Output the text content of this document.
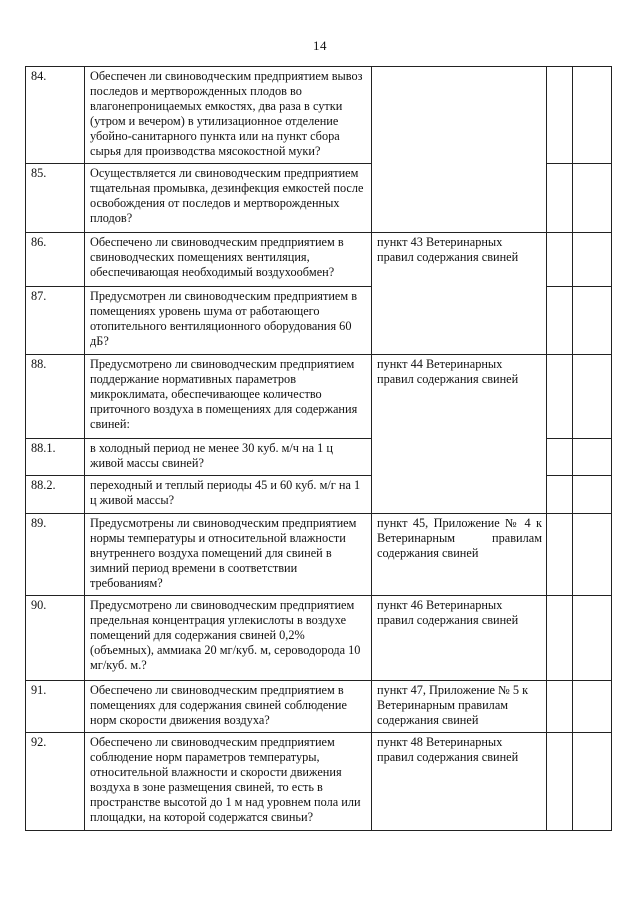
14
84.	Обеспечен ли свиноводческим предприятием вывоз последов и мертворожденных плодов во влагонепроницаемых емкостях, два раза в сутки (утром и вечером) в утилизационное отделение убойно-санитарного пункта или на пункт сбора сырья для производства мясокостной муки?			

85.	Осуществляется ли свиноводческим предприятием тщательная промывка, дезинфекция емкостей после освобождения от последов и мертворожденных плодов?			

86.	Обеспечено ли свиноводческим предприятием в свиноводческих помещениях вентиляция, обеспечивающая необходимый воздухообмен?	пункт 43 Ветеринарных правил содержания свиней		
87.	Предусмотрен ли свиноводческим предприятием в помещениях уровень шума от работающего отопительного вентиляционного оборудования 60 дБ?			

88.	Предусмотрено ли свиноводческим предприятием поддержание нормативных параметров микроклимата, обеспечивающее количество приточного воздуха в помещениях для содержания свиней:	пункт 44 Ветеринарных правил содержания свиней		
88.1.	в холодный период не менее 30 куб. м/ч на 1 ц живой массы свиней?			

88.2.	переходный и теплый периоды 45 и 60 куб. м/г на 1 ц живой массы?			

89.	Предусмотрены ли свиноводческим предприятием нормы температуры и относительной влажности внутреннего воздуха помещений для свиней в зимний период времени в соответствии требованиям?	пункт 45, Приложение № 4 к Ветеринарным правилам содержания свиней		

90.	Предусмотрено ли свиноводческим предприятием предельная концентрация углекислоты в воздухе помещений для содержания свиней 0,2% (объемных), аммиака 20 мг/куб. м, сероводорода 10 мг/куб. м.?	пункт 46 Ветеринарных правил содержания свиней		
91.	Обеспечено ли свиноводческим предприятием в помещениях для содержания свиней соблюдение норм скорости движения воздуха?	пункт 47, Приложение № 5 к Ветеринарным правилам содержания свиней		
92.	Обеспечено ли свиноводческим предприятием соблюдение норм параметров температуры, относительной влажности и скорости движения воздуха в зоне размещения свиней, то есть в пространстве высотой до 1 м над уровнем пола или площадки, на которой содержатся свиньи?	пункт 48 Ветеринарных правил содержания свиней		
